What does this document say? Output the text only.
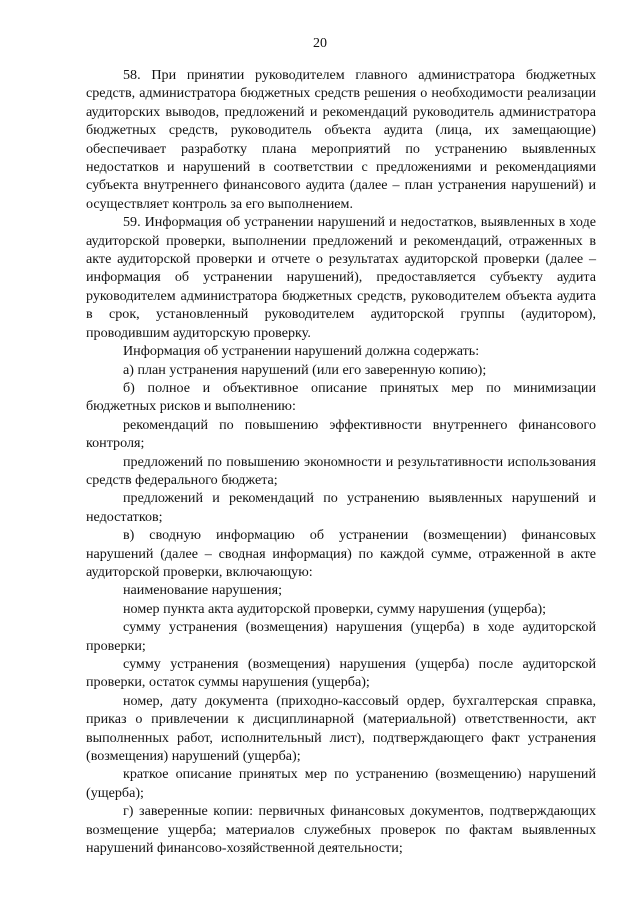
20

58. При принятии руководителем главного администратора бюджетных средств, администратора бюджетных средств решения о необходимости реализации аудиторских выводов, предложений и рекомендаций руководитель администратора бюджетных средств, руководитель объекта аудита (лица, их замещающие) обеспечивает разработку плана мероприятий по устранению выявленных недостатков и нарушений в соответствии с предложениями и рекомендациями субъекта внутреннего финансового аудита (далее – план устранения нарушений) и осуществляет контроль за его выполнением.

59. Информация об устранении нарушений и недостатков, выявленных в ходе аудиторской проверки, выполнении предложений и рекомендаций, отраженных в акте аудиторской проверки и отчете о результатах аудиторской проверки (далее – информация об устранении нарушений), предоставляется субъекту аудита руководителем администратора бюджетных средств, руководителем объекта аудита в срок, установленный руководителем аудиторской группы (аудитором), проводившим аудиторскую проверку.

Информация об устранении нарушений должна содержать:

а) план устранения нарушений (или его заверенную копию);

б) полное и объективное описание принятых мер по минимизации бюджетных рисков и выполнению:

рекомендаций по повышению эффективности внутреннего финансового контроля;

предложений по повышению экономности и результативности использования средств федерального бюджета;

предложений и рекомендаций по устранению выявленных нарушений и недостатков;

в) сводную информацию об устранении (возмещении) финансовых нарушений (далее – сводная информация) по каждой сумме, отраженной в акте аудиторской проверки, включающую:

наименование нарушения;

номер пункта акта аудиторской проверки, сумму нарушения (ущерба);

сумму устранения (возмещения) нарушения (ущерба) в ходе аудиторской проверки;

сумму устранения (возмещения) нарушения (ущерба) после аудиторской проверки, остаток суммы нарушения (ущерба);

номер, дату документа (приходно-кассовый ордер, бухгалтерская справка, приказ о привлечении к дисциплинарной (материальной) ответственности, акт выполненных работ, исполнительный лист), подтверждающего факт устранения (возмещения) нарушений (ущерба);

краткое описание принятых мер по устранению (возмещению) нарушений (ущерба);

г) заверенные копии: первичных финансовых документов, подтверждающих возмещение ущерба; материалов служебных проверок по фактам выявленных нарушений финансово-хозяйственной деятельности;
